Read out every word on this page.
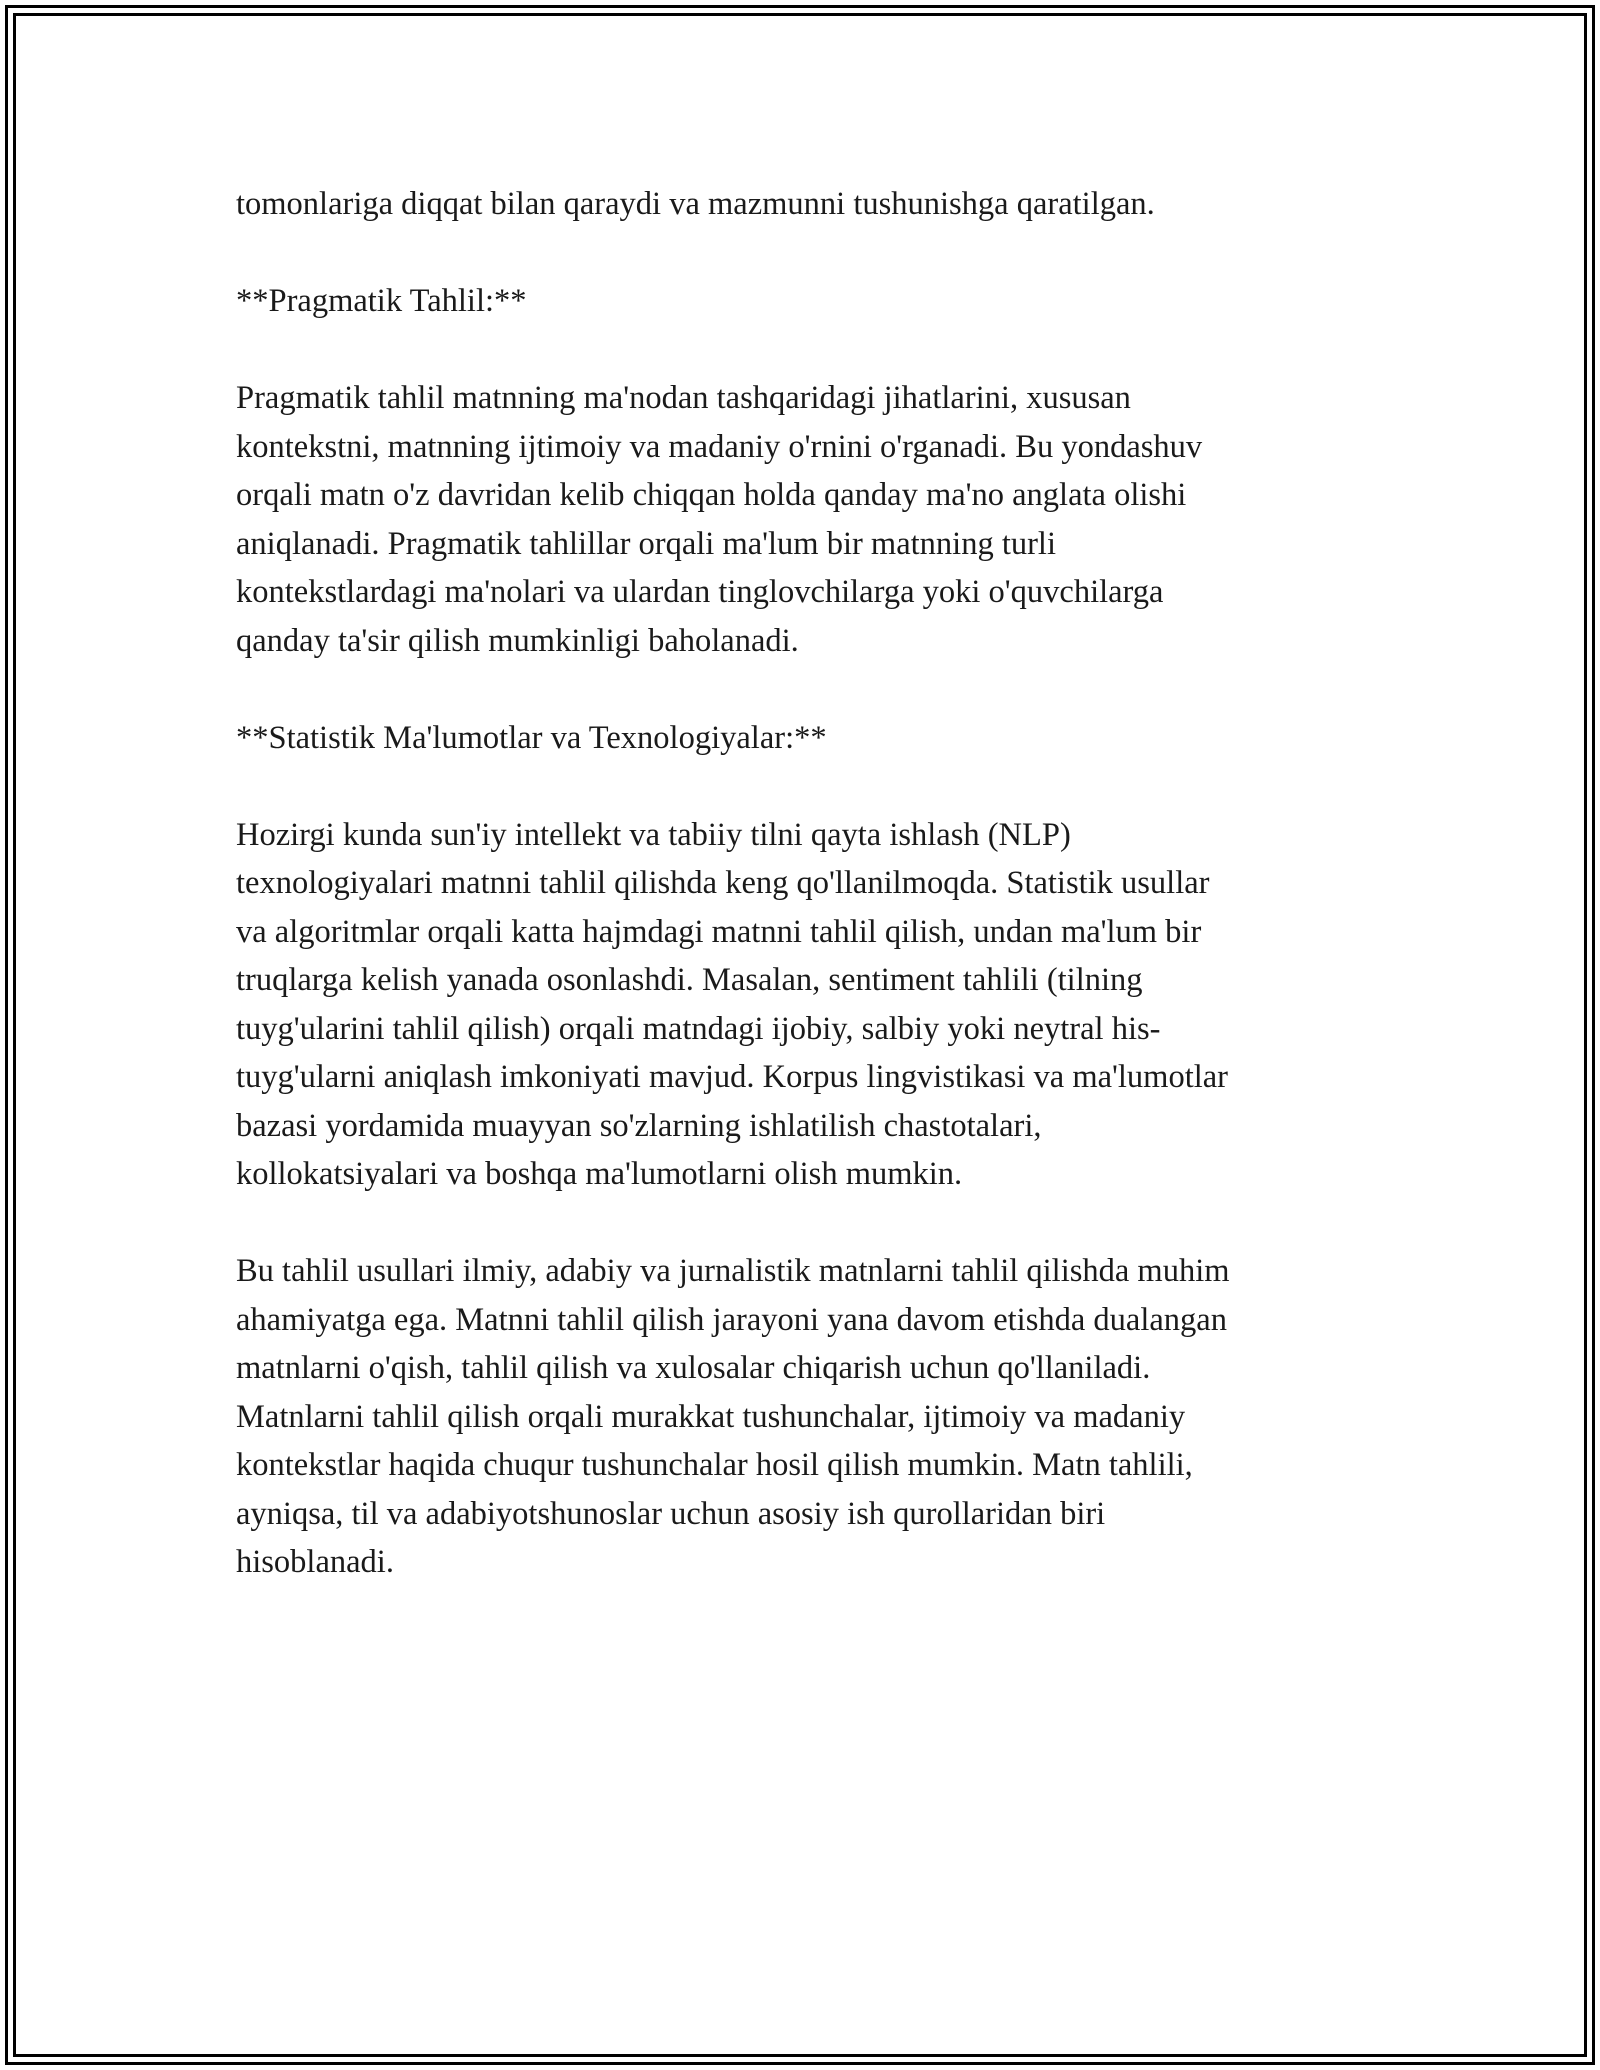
tomonlariga diqqat bilan qaraydi va mazmunni tushunishga qaratilgan.

**Pragmatik Tahlil:**

Pragmatik tahlil matnning ma'nodan tashqaridagi jihatlarini, xususan
kontekstni, matnning ijtimoiy va madaniy o'rnini o'rganadi. Bu yondashuv
orqali matn o'z davridan kelib chiqqan holda qanday ma'no anglata olishi
aniqlanadi. Pragmatik tahlillar orqali ma'lum bir matnning turli
kontekstlardagi ma'nolari va ulardan tinglovchilarga yoki o'quvchilarga
qanday ta'sir qilish mumkinligi baholanadi.

**Statistik Ma'lumotlar va Texnologiyalar:**

Hozirgi kunda sun'iy intellekt va tabiiy tilni qayta ishlash (NLP)
texnologiyalari matnni tahlil qilishda keng qo'llanilmoqda. Statistik usullar
va algoritmlar orqali katta hajmdagi matnni tahlil qilish, undan ma'lum bir
truqlarga kelish yanada osonlashdi. Masalan, sentiment tahlili (tilning
tuyg'ularini tahlil qilish) orqali matndagi ijobiy, salbiy yoki neytral his-
tuyg'ularni aniqlash imkoniyati mavjud. Korpus lingvistikasi va ma'lumotlar
bazasi yordamida muayyan so'zlarning ishlatilish chastotalari,
kollokatsiyalari va boshqa ma'lumotlarni olish mumkin.

Bu tahlil usullari ilmiy, adabiy va jurnalistik matnlarni tahlil qilishda muhim
ahamiyatga ega. Matnni tahlil qilish jarayoni yana davom etishda dualangan
matnlarni o'qish, tahlil qilish va xulosalar chiqarish uchun qo'llaniladi.
Matnlarni tahlil qilish orqali murakkat tushunchalar, ijtimoiy va madaniy
kontekstlar haqida chuqur tushunchalar hosil qilish mumkin. Matn tahlili,
ayniqsa, til va adabiyotshunoslar uchun asosiy ish qurollaridan biri
hisoblanadi.
